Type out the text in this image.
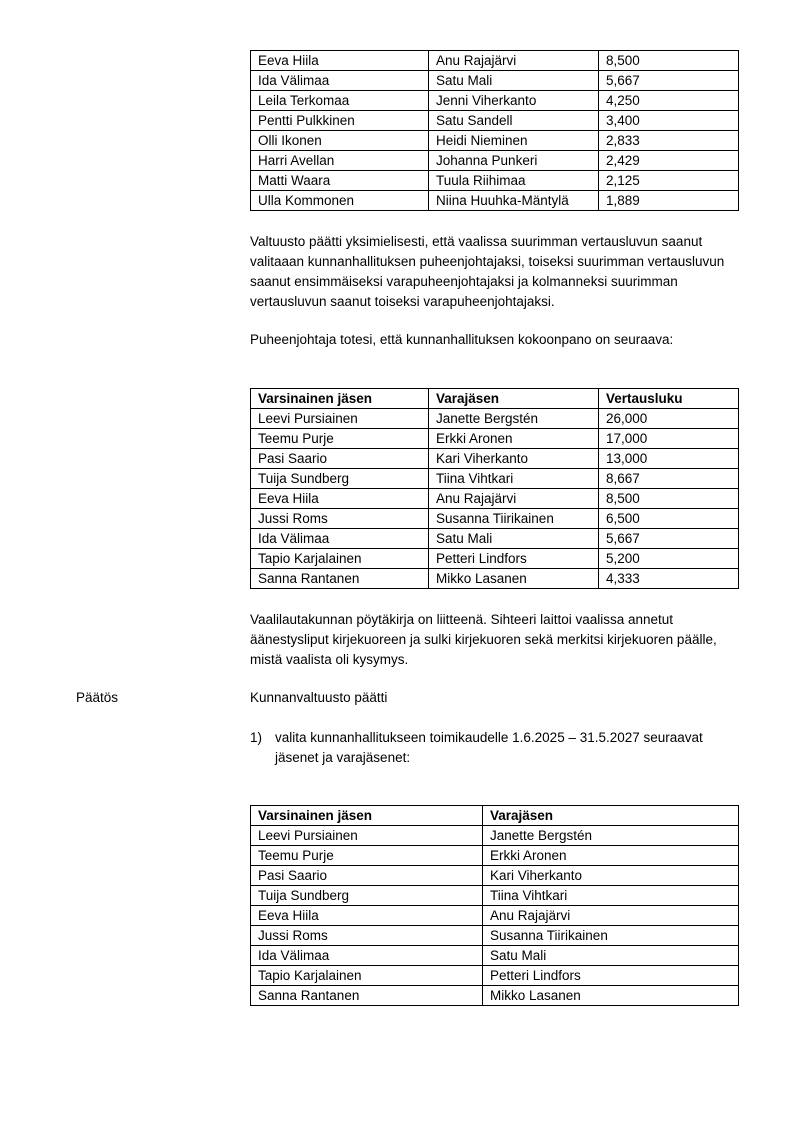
Eeva Hiila	Anu Rajajärvi	8,500
Ida Välimaa	Satu Mali	5,667
Leila Terkomaa	Jenni Viherkanto	4,250
Pentti Pulkkinen	Satu Sandell	3,400
Olli Ikonen	Heidi Nieminen	2,833
Harri Avellan	Johanna Punkeri	2,429
Matti Waara	Tuula Riihimaa	2,125
Ulla Kommonen	Niina Huuhka-Mäntylä	1,889

Valtuusto päätti yksimielisesti, että vaalissa suurimman vertausluvun saanut valitaaan kunnanhallituksen puheenjohtajaksi, toiseksi suurimman vertausluvun saanut ensimmäiseksi varapuheenjohtajaksi ja kolmanneksi suurimman vertausluvun saanut toiseksi varapuheenjohtajaksi.

Puheenjohtaja totesi, että kunnanhallituksen kokoonpano on seuraava:

Varsinainen jäsen	Varajäsen	Vertausluku
Leevi Pursiainen	Janette Bergstén	26,000
Teemu Purje	Erkki Aronen	17,000
Pasi Saario	Kari Viherkanto	13,000
Tuija Sundberg	Tiina Vihtkari	8,667
Eeva Hiila	Anu Rajajärvi	8,500
Jussi Roms	Susanna Tiirikainen	6,500
Ida Välimaa	Satu Mali	5,667
Tapio Karjalainen	Petteri Lindfors	5,200
Sanna Rantanen	Mikko Lasanen	4,333

Vaalilautakunnan pöytäkirja on liitteenä. Sihteeri laittoi vaalissa annetut äänestysliput kirjekuoreen ja sulki kirjekuoren sekä merkitsi kirjekuoren päälle, mistä vaalista oli kysymys.

Päätös	Kunnanvaltuusto päätti
1) valita kunnanhallitukseen toimikaudelle 1.6.2025 – 31.5.2027 seuraavat jäsenet ja varajäsenet:
Varsinainen jäsen	Varajäsen
Leevi Pursiainen	Janette Bergstén
Teemu Purje	Erkki Aronen
Pasi Saario	Kari Viherkanto
Tuija Sundberg	Tiina Vihtkari
Eeva Hiila	Anu Rajajärvi
Jussi Roms	Susanna Tiirikainen
Ida Välimaa	Satu Mali
Tapio Karjalainen	Petteri Lindfors
Sanna Rantanen	Mikko Lasanen
